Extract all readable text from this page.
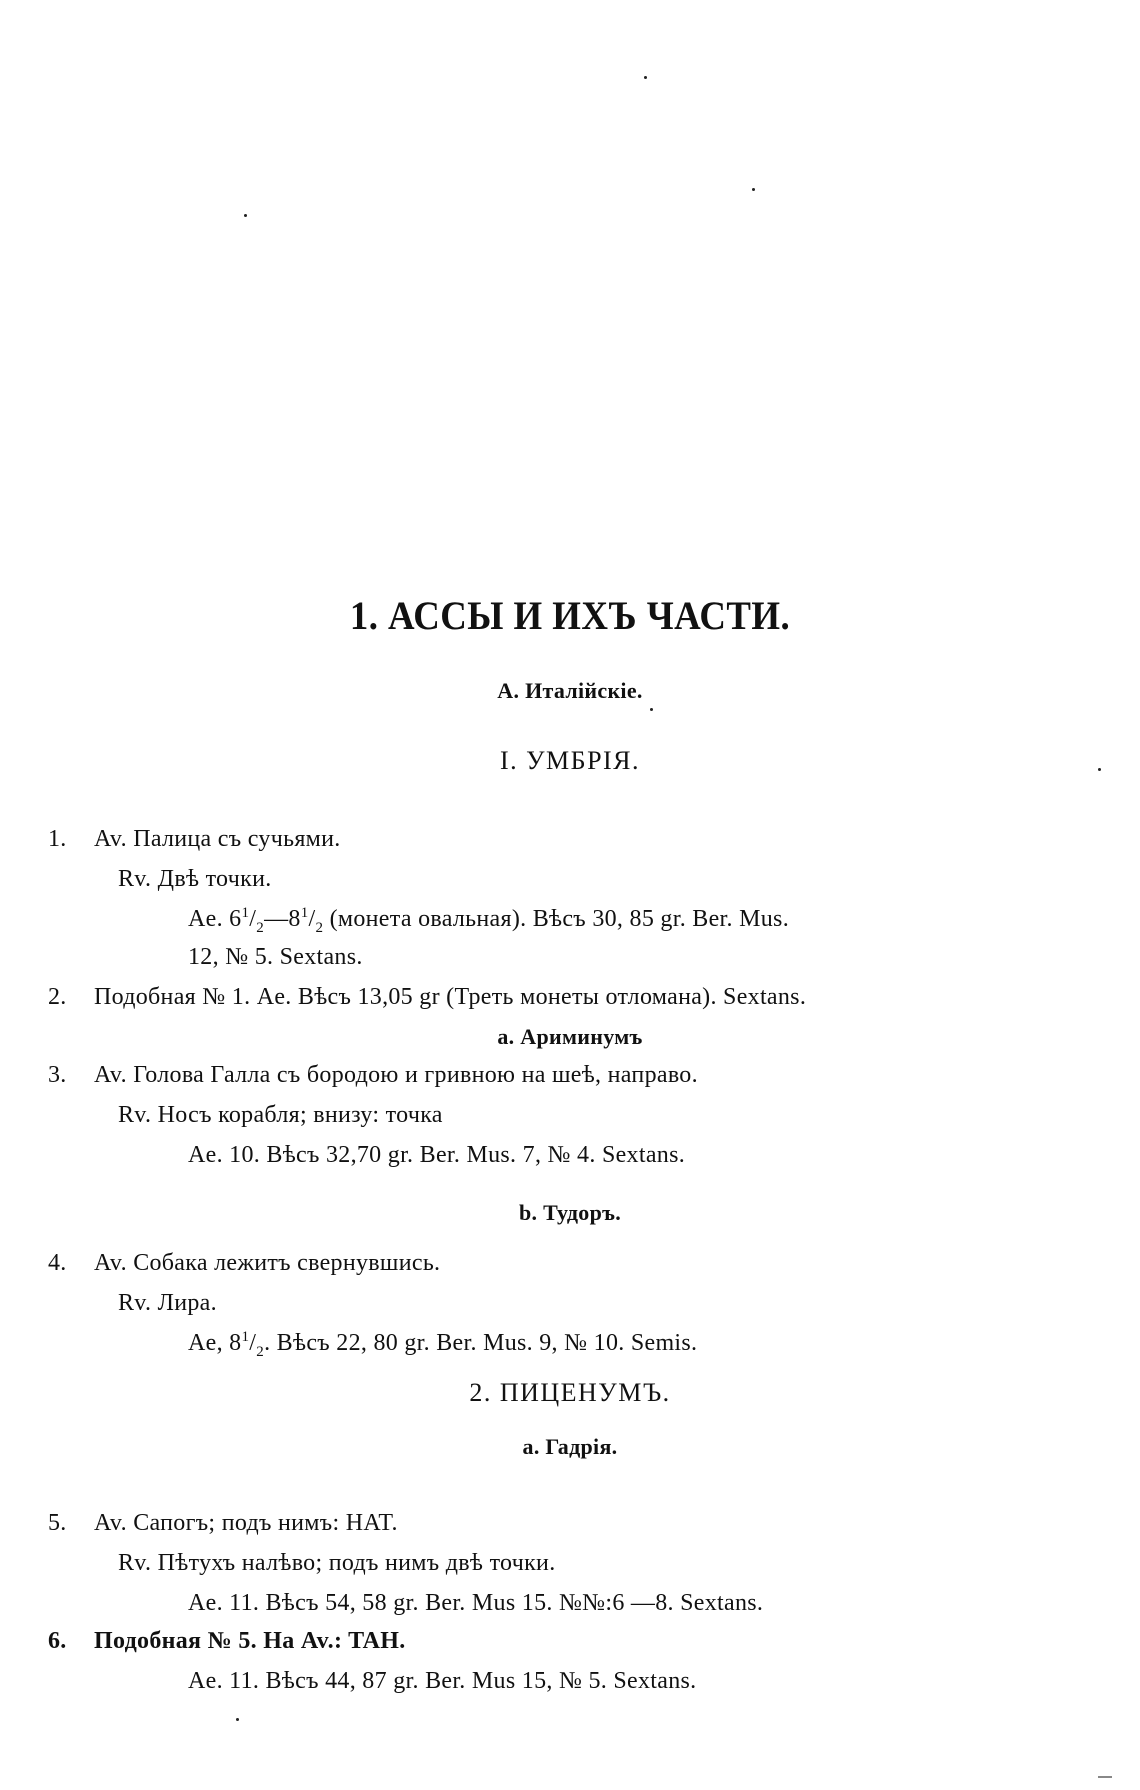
1. АССЫ И ИХЪ ЧАСТИ.
А. Италійскіе.
I. УМБРІЯ.
1. Av. Палица съ сучьями.
Rv. Двѣ точки.
Ae. $6^1/_2—8^1/_2$ (монета овальная). Вѣсъ 30, 85 gr. Ber. Mus.
12, № 5. Sextans.
2. Подобная № 1. Ae. Вѣсъ 13,05 gr (Треть монеты отломана). Sextans.
a. Ариминумъ
3. Av. Голова Галла съ бородою и гривною на шеѣ, направо.
Rv. Носъ корабля; внизу: точка
Ae. 10. Вѣсъ 32,70 gr. Ber. Mus. 7, № 4. Sextans.
b. Тудоръ.
4. Av. Собака лежитъ свернувшись.
Rv. Лира.
Ae, $8^1/_2$. Вѣсъ 22, 80 gr. Ber. Mus. 9, № 10. Semis.
2. ПИЦЕНУМЪ.
a. Гадрія.
5. Av. Сапогъ; подъ нимъ: HAT.
Rv. Пѣтухъ налѣво; подъ нимъ двѣ точки.
Ae. 11. Вѣсъ 54, 58 gr. Ber. Mus 15. №№:6 —8. Sextans.
6. Подобная № 5. На Av.: TAH.
Ae. 11. Вѣсъ 44, 87 gr. Ber. Mus 15, № 5. Sextans.
